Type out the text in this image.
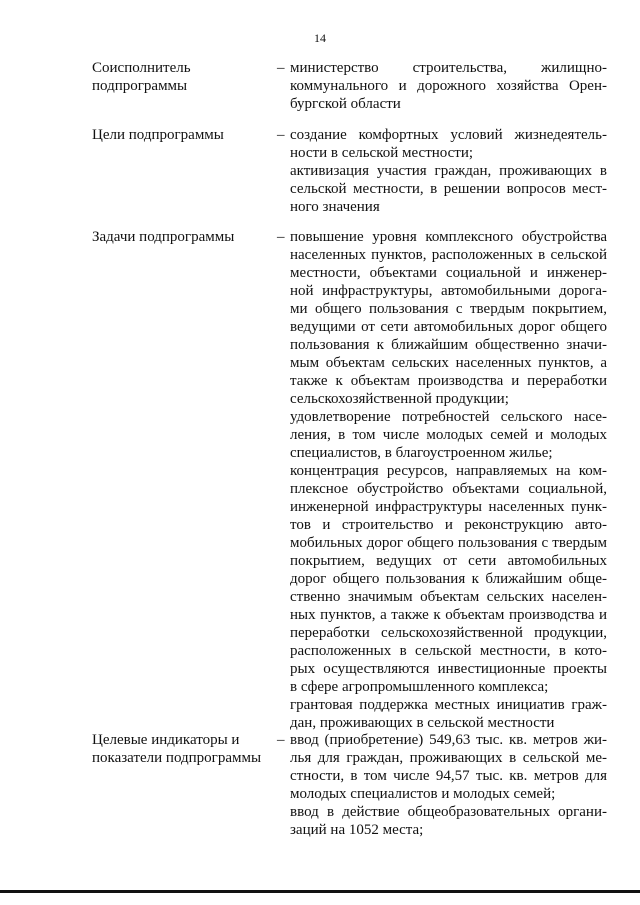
14
Соисполнитель
подпрограммы
– министерство строительства, жилищно-
коммунального и дорожного хозяйства Орен-
бургской области
Цели подпрограммы	– создание комфортных условий жизнедеятель-
ности в сельской местности;
активизация участия граждан, проживающих в
сельской местности, в решении вопросов мест-
ного значения
Задачи подпрограммы	– повышение уровня комплексного обустройства
населенных пунктов, расположенных в сельской
местности, объектами социальной и инженер-
ной инфраструктуры, автомобильными дорога-
ми общего пользования с твердым покрытием,
ведущими от сети автомобильных дорог общего
пользования к ближайшим общественно значи-
мым объектам сельских населенных пунктов, а
также к объектам производства и переработки
сельскохозяйственной продукции;
удовлетворение потребностей сельского насе-
ления, в том числе молодых семей и молодых
специалистов, в благоустроенном жилье;
концентрация ресурсов, направляемых на ком-
плексное обустройство объектами социальной,
инженерной инфраструктуры населенных пунк-
тов и строительство и реконструкцию авто-
мобильных дорог общего пользования с твердым
покрытием, ведущих от сети автомобильных
дорог общего пользования к ближайшим обще-
ственно значимым объектам сельских населен-
ных пунктов, а также к объектам производства и
переработки сельскохозяйственной продукции,
расположенных в сельской местности, в кото-
рых осуществляются инвестиционные проекты
в сфере агропромышленного комплекса;
грантовая поддержка местных инициатив граж-
дан, проживающих в сельской местности
Целевые индикаторы и
показатели подпрограммы
– ввод (приобретение) 549,63 тыс. кв. метров жи-
лья для граждан, проживающих в сельской ме-
стности, в том числе 94,57 тыс. кв. метров для
молодых специалистов и молодых семей;
ввод в действие общеобразовательных органи-
заций на 1052 места;
